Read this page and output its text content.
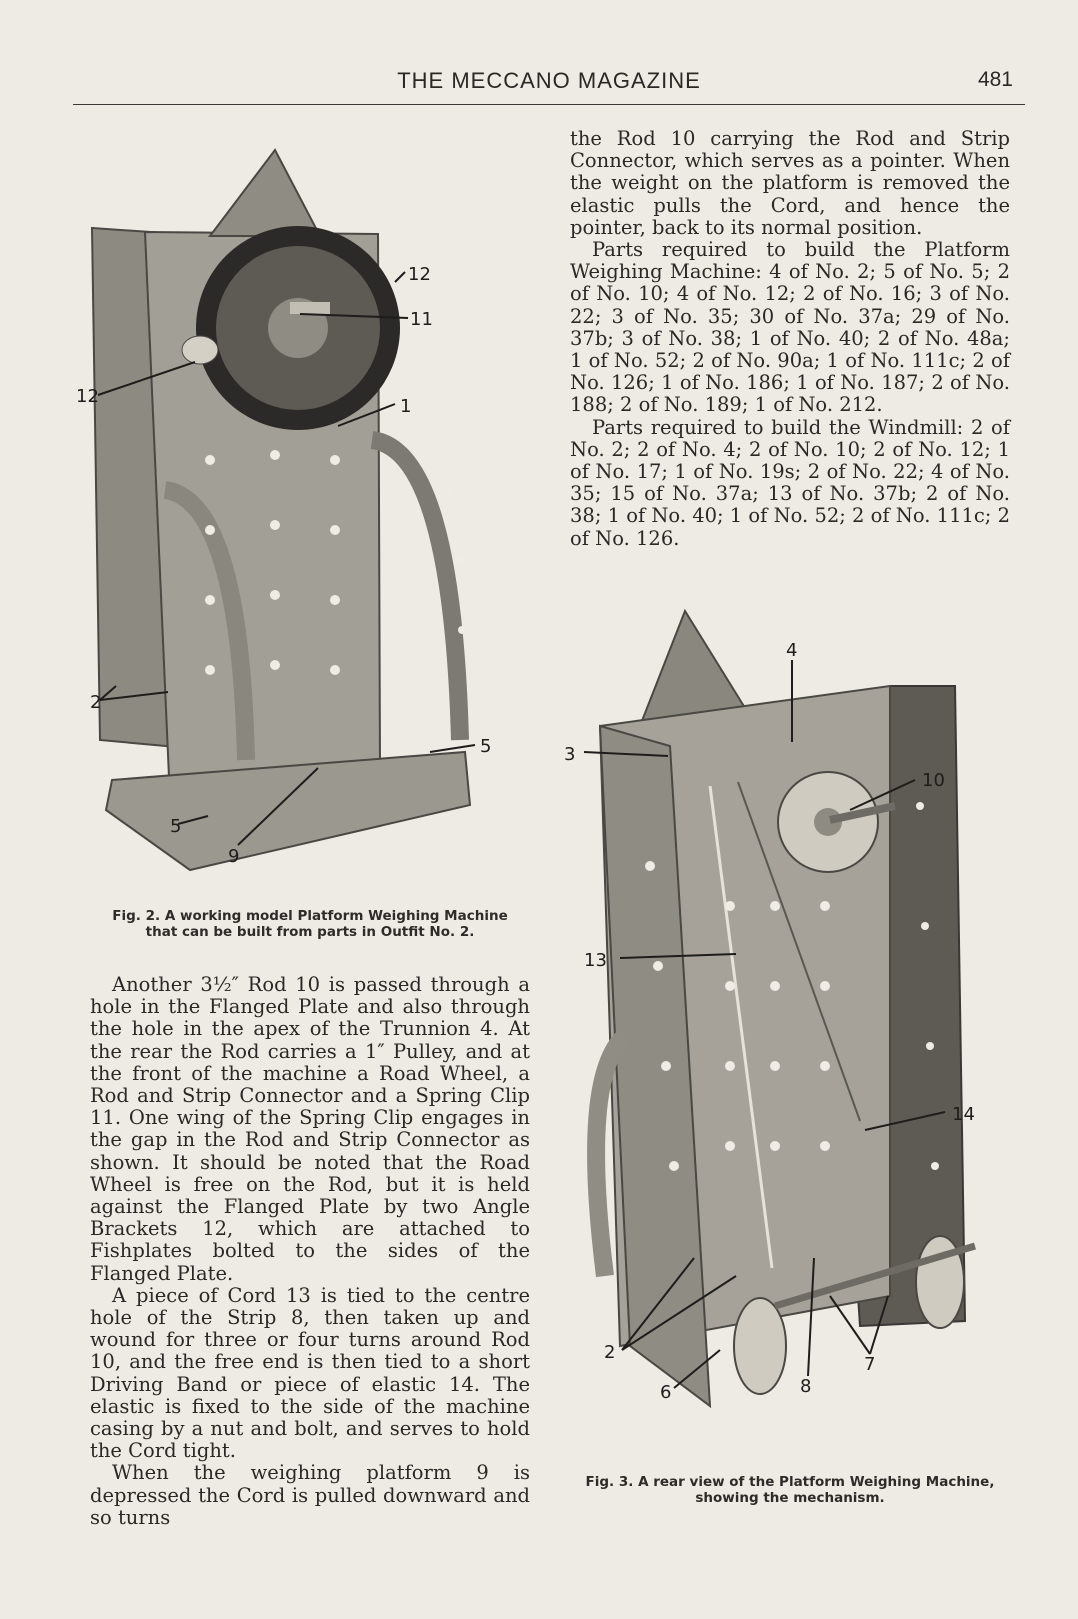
THE MECCANO MAGAZINE	481
12
11
12	1
2
5
5
9
Fig. 2. A working model Platform Weighing Machine
that can be built from parts in Outfit No. 2.

the Rod 10 carrying the Rod and Strip Connector, which serves as a pointer. When the weight on the platform is removed the elastic pulls the Cord, and hence the pointer, back to its normal position.

Parts required to build the Platform Weighing Machine: 4 of No. 2; 5 of No. 5; 2 of No. 10; 4 of No. 12; 2 of No. 16; 3 of No. 22; 3 of No. 35; 30 of No. 37a; 29 of No. 37b; 3 of No. 38; 1 of No. 40; 2 of No. 48a; 1 of No. 52; 2 of No. 90a; 1 of No. 111c; 2 of No. 126; 1 of No. 186; 1 of No. 187; 2 of No. 188; 2 of No. 189; 1 of No. 212.

Parts required to build the Windmill: 2 of No. 2; 2 of No. 4; 2 of No. 10; 2 of No. 12; 1 of No. 17; 1 of No. 19s; 2 of No. 22; 4 of No. 35; 15 of No. 37a; 13 of No. 37b; 2 of No. 38; 1 of No. 40; 1 of No. 52; 2 of No. 111c; 2 of No. 126.

4
3
10
13
14
2
6	8
7

Another 3½″ Rod 10 is passed through a hole in the Flanged Plate and also through the hole in the apex of the Trunnion 4. At the rear the Rod carries a 1″ Pulley, and at the front of the machine a Road Wheel, a Rod and Strip Connector and a Spring Clip 11. One wing of the Spring Clip engages in the gap in the Rod and Strip Connector as shown. It should be noted that the Road Wheel is free on the Rod, but it is held against the Flanged Plate by two Angle Brackets 12, which are attached to Fishplates bolted to the sides of the Flanged Plate.

A piece of Cord 13 is tied to the centre hole of the Strip 8, then taken up and wound for three or four turns around Rod 10, and the free end is then tied to a short Driving Band or piece of elastic 14. The elastic is fixed to the side of the machine casing by a nut and bolt, and serves to hold the Cord tight.

When the weighing platform 9 is depressed the Cord is pulled downward and so turns

Fig. 3. A rear view of the Platform Weighing Machine,
showing the mechanism.
